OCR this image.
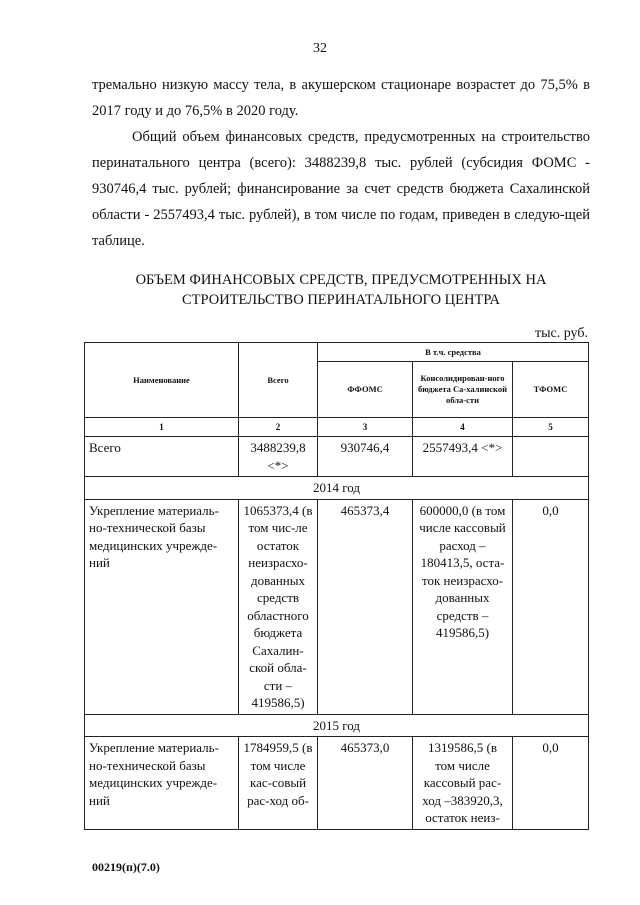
32
тремально низкую массу тела, в акушерском стационаре возрастет до 75,5% в 2017 году и до 76,5% в 2020 году.
Общий объем финансовых средств, предусмотренных на строительство перинатального центра (всего): 3488239,8 тыс. рублей (субсидия ФОМС - 930746,4 тыс. рублей; финансирование за счет средств бюджета Сахалинской области - 2557493,4 тыс. рублей), в том числе по годам, приведен в следую-щей таблице.
ОБЪЕМ ФИНАНСОВЫХ СРЕДСТВ, ПРЕДУСМОТРЕННЫХ НА СТРОИТЕЛЬСТВО ПЕРИНАТАЛЬНОГО ЦЕНТРА
тыс. руб.
Наименование	Всего	В т.ч. средства		
		ФФОМС	Консолидирован-ного бюджета Са-халинской обла-сти	ТФОМС
1	2	3	4	5
Всего	3488239,8 <*>	930746,4	2557493,4 <*>	
2014 год				
Укрепление материаль-но-технической базы медицинских учрежде-ний	1065373,4 (в том чис-ле остаток неизрасхо-дованных средств областного бюджета Сахалин-ской обла-сти – 419586,5)	465373,4	600000,0 (в том числе кассовый расход – 180413,5, оста-ток неизрасхо-дованных средств – 419586,5)	0,0
2015 год				
Укрепление материаль-но-технической базы медицинских учрежде-ний	1784959,5 (в том числе кас-совый рас-ход об-	465373,0	1319586,5 (в том числе кассовый рас-ход –383920,3, остаток неиз-	0,0
00219(п)(7.0)
